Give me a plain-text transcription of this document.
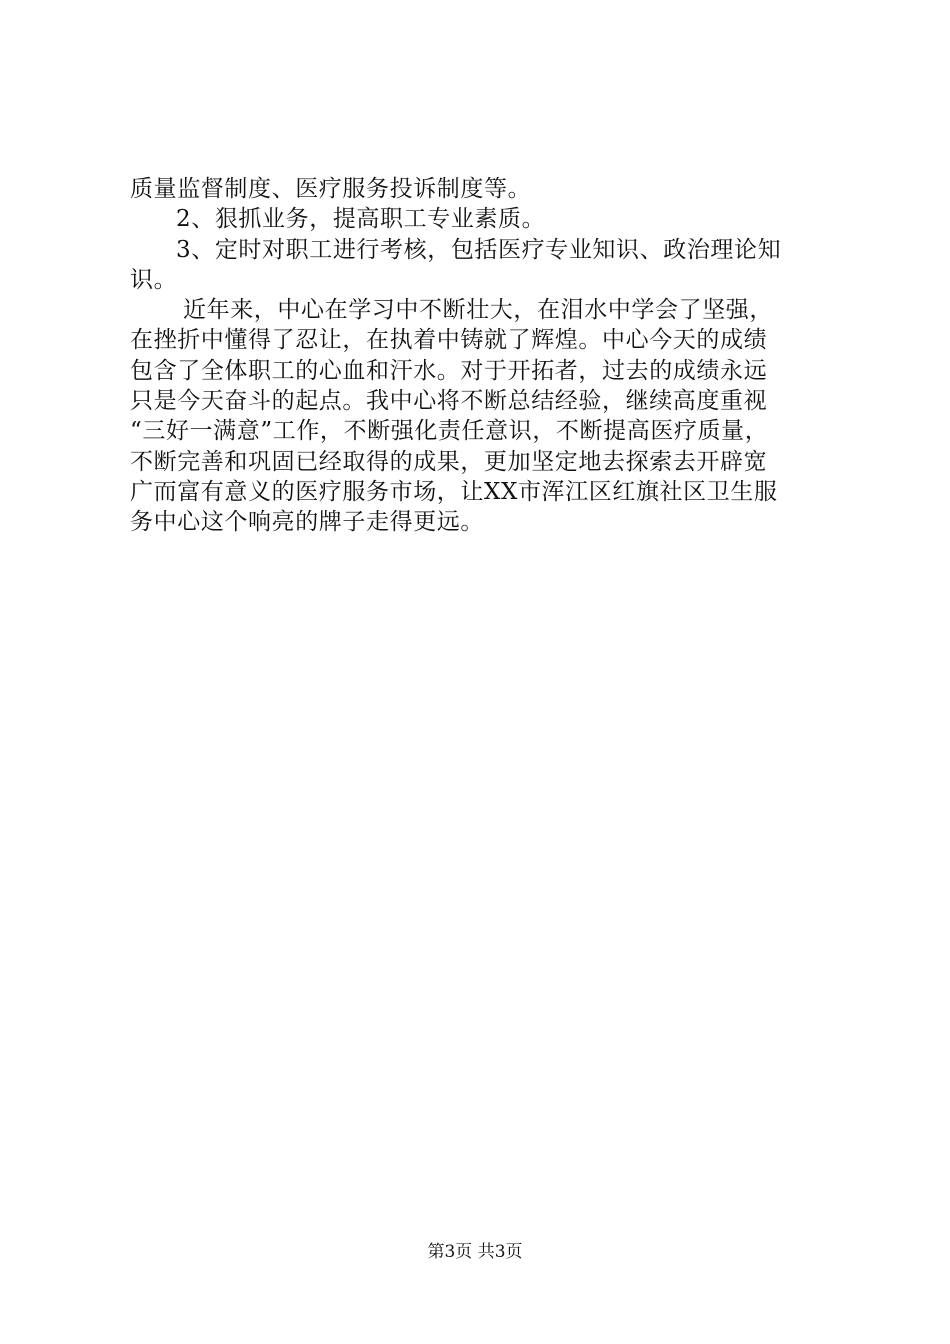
质量监督制度、医疗服务投诉制度等。
2、狠抓业务，提高职工专业素质。
3、定时对职工进行考核，包括医疗专业知识、政治理论知
识。
近年来，中心在学习中不断壮大，在泪水中学会了坚强，
在挫折中懂得了忍让，在执着中铸就了辉煌。中心今天的成绩
包含了全体职工的心血和汗水。对于开拓者，过去的成绩永远
只是今天奋斗的起点。我中心将不断总结经验，继续高度重视
“三好一满意”工作，不断强化责任意识，不断提高医疗质量，
不断完善和巩固已经取得的成果，更加坚定地去探索去开辟宽
广而富有意义的医疗服务市场，让XX市浑江区红旗社区卫生服
务中心这个响亮的牌子走得更远。
第3页 共3页
